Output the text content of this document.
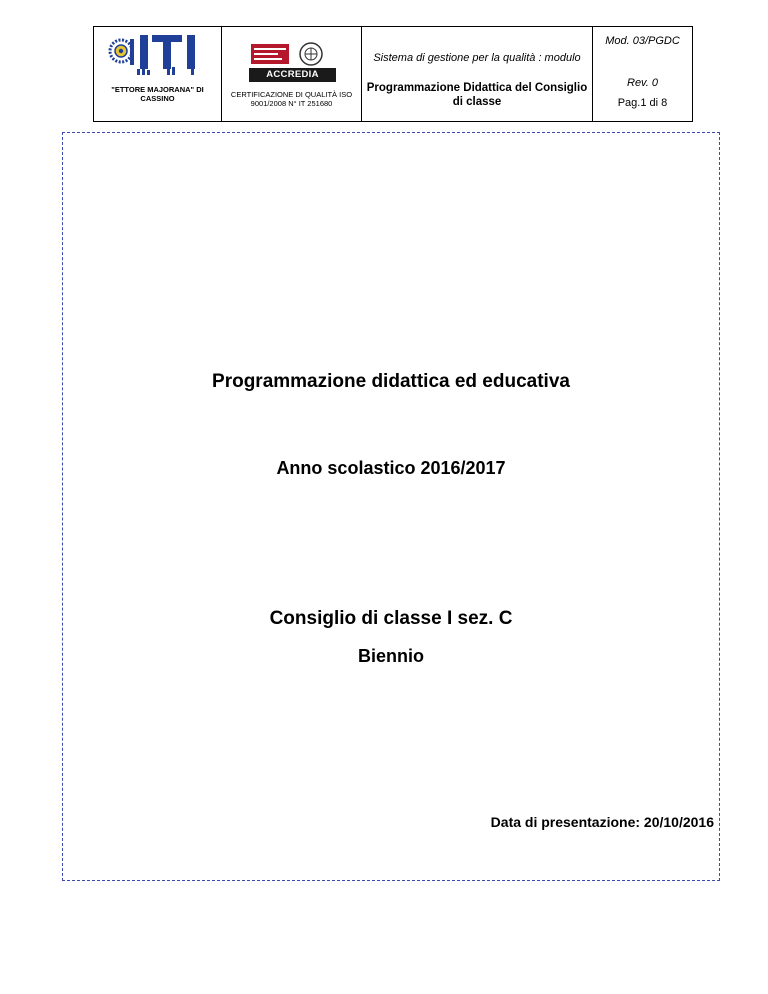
"ETTORE MAJORANA" DI CASSINO
ACCREDIA
CERTIFICAZIONE DI QUALITÀ ISO 9001/2008 N° IT 251680
Sistema di gestione per la qualità : modulo
Programmazione Didattica del Consiglio di classe
Mod. 03/PGDC
Rev. 0
Pag.1 di 8
Programmazione didattica ed educativa
Anno scolastico 2016/2017
Consiglio di classe I sez. C
Biennio
Data di presentazione: 20/10/2016
